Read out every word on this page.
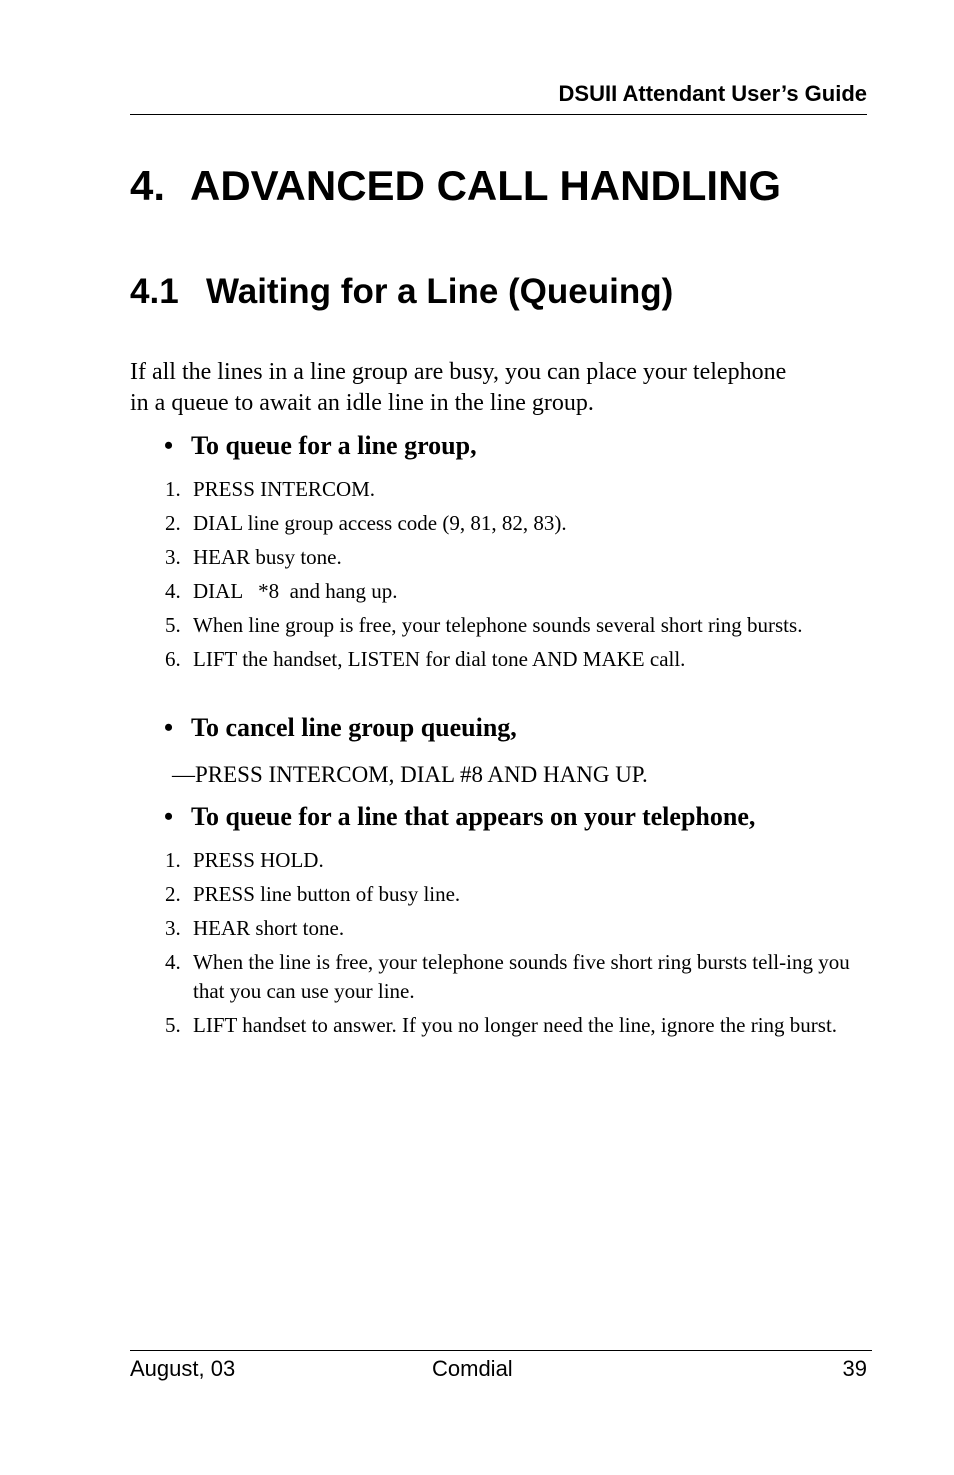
DSUII Attendant User’s Guide
4. ADVANCED CALL HANDLING
4.1 Waiting for a Line (Queuing)

If all the lines in a line group are busy, you can place your telephone
in a queue to await an idle line in the line group.

• To queue for a line group,

1. PRESS INTERCOM.
2. DIAL line group access code (9, 81, 82, 83).
3. HEAR busy tone.
4. DIAL   *8  and hang up.
5. When line group is free, your telephone sounds several short ring bursts.
6. LIFT the handset, LISTEN for dial tone AND MAKE call.

• To cancel line group queuing,

—PRESS INTERCOM, DIAL #8 AND HANG UP.

• To queue for a line that appears on your telephone,

1. PRESS HOLD.
2. PRESS line button of busy line.
3. HEAR short tone.
4. When the line is free, your telephone sounds five short ring bursts tell-ing you that you can use your line.
5. LIFT handset to answer. If you no longer need the line, ignore the ring burst.
August, 03	Comdial	39
